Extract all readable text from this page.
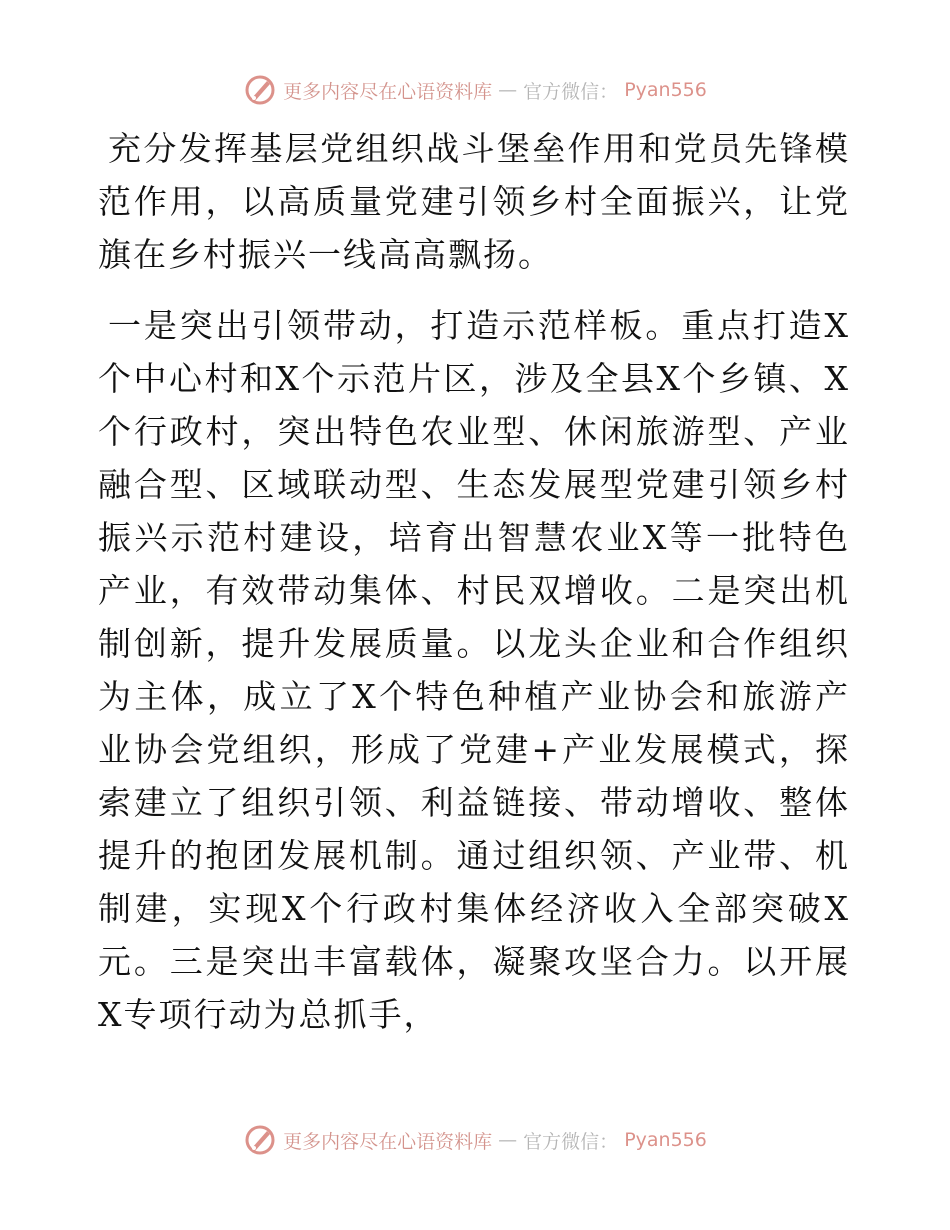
更多内容尽在心语资料库 — 官方微信： Pyan556

充分发挥基层党组织战斗堡垒作用和党员先锋模范作用，以高质量党建引领乡村全面振兴，让党旗在乡村振兴一线高高飘扬。

一是突出引领带动，打造示范样板。重点打造X个中心村和X个示范片区，涉及全县X个乡镇、X个行政村，突出特色农业型、休闲旅游型、产业融合型、区域联动型、生态发展型党建引领乡村振兴示范村建设，培育出智慧农业X等一批特色产业，有效带动集体、村民双增收。二是突出机制创新，提升发展质量。以龙头企业和合作组织为主体，成立了X个特色种植产业协会和旅游产业协会党组织，形成了党建+产业发展模式，探索建立了组织引领、利益链接、带动增收、整体提升的抱团发展机制。通过组织领、产业带、机制建，实现X个行政村集体经济收入全部突破X元。三是突出丰富载体，凝聚攻坚合力。以开展X专项行动为总抓手，

更多内容尽在心语资料库 — 官方微信： Pyan556
